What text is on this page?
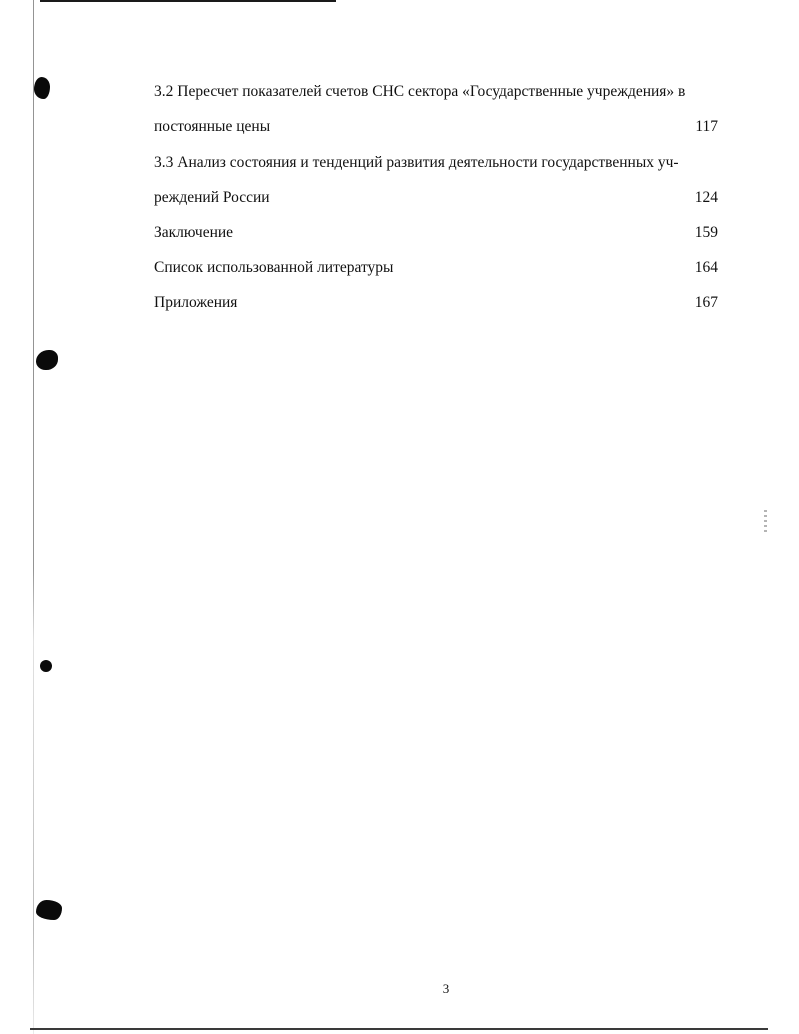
3.2 Пересчет показателей счетов СНС сектора «Государственные учреждения» в
постоянные цены	117
3.3 Анализ состояния и тенденций развития деятельности государственных уч-
реждений России	124
Заключение	159
Список использованной литературы	164
Приложения	167
3
